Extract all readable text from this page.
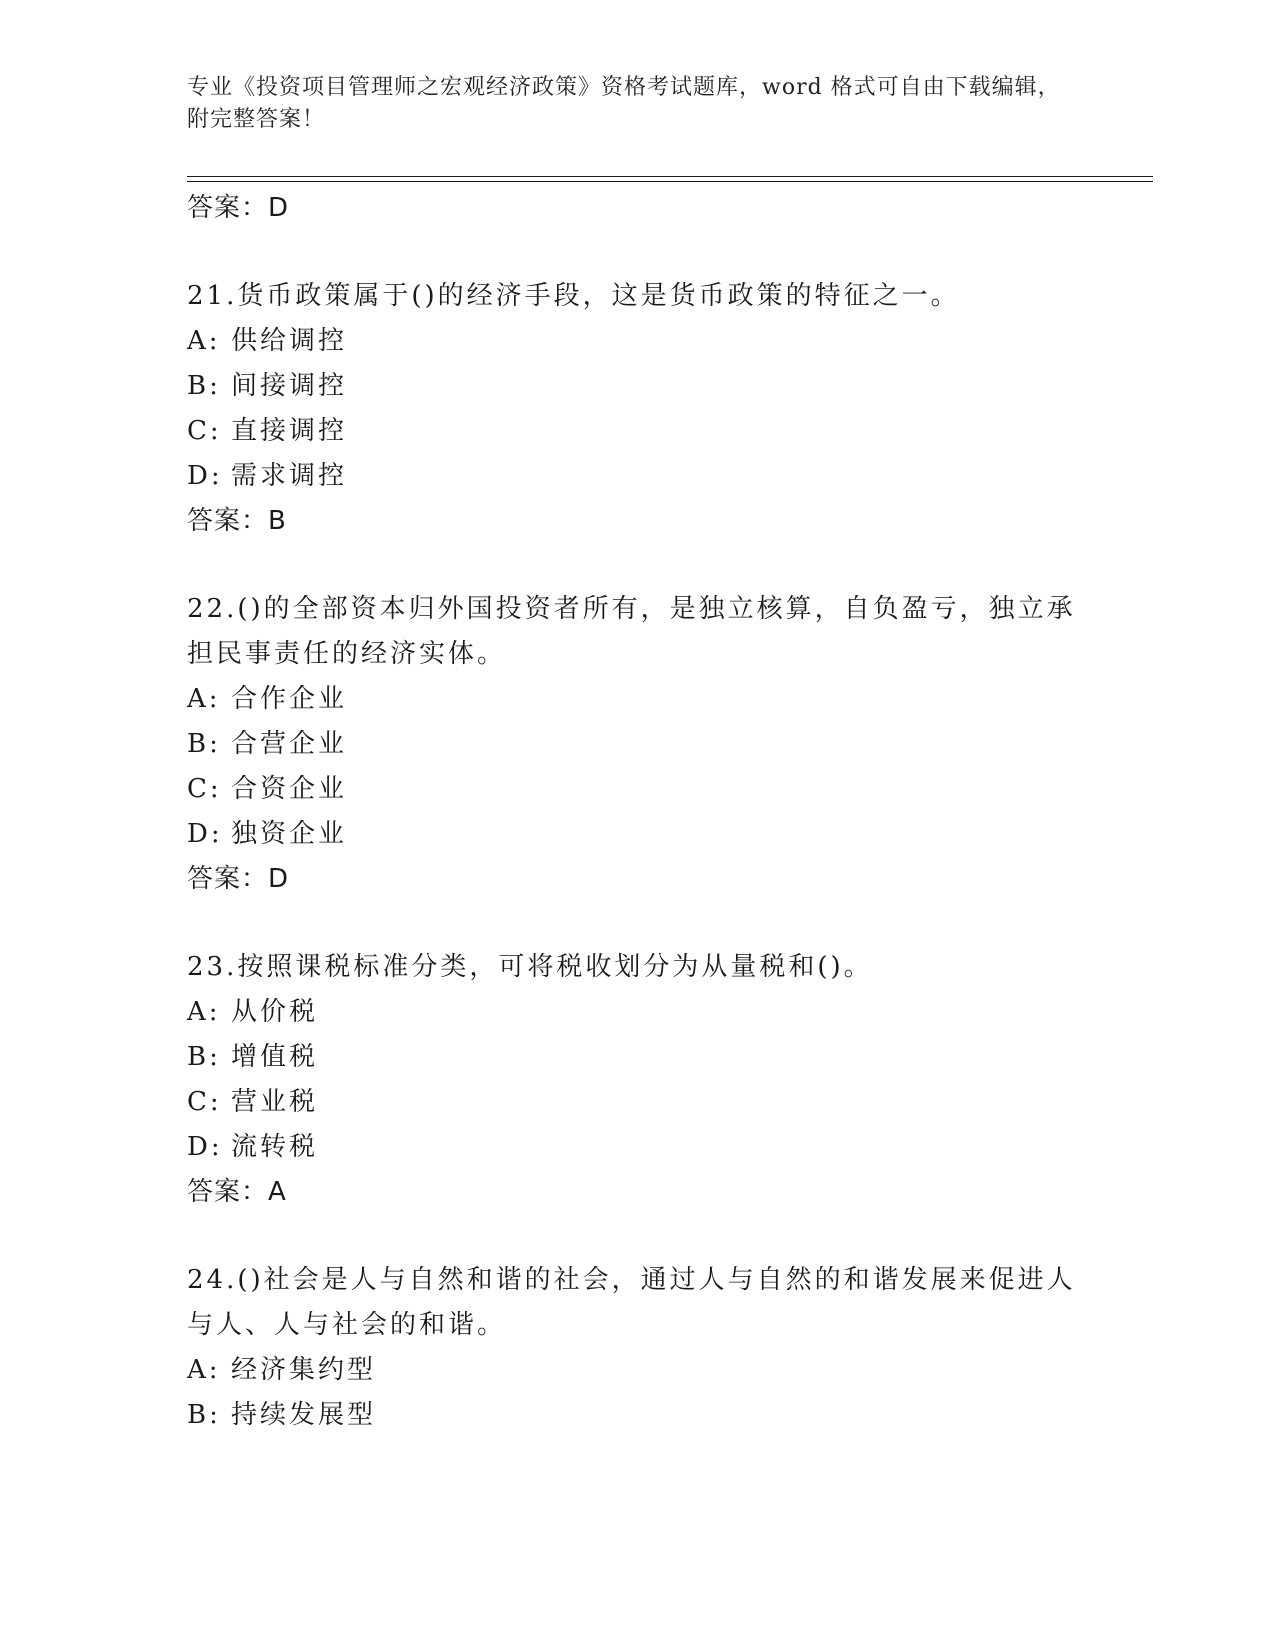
专业《投资项目管理师之宏观经济政策》资格考试题库，word 格式可自由下载编辑，附完整答案！
答案：D
21.货币政策属于()的经济手段，这是货币政策的特征之一。
A: 供给调控
B: 间接调控
C: 直接调控
D: 需求调控
答案：B
22.()的全部资本归外国投资者所有，是独立核算，自负盈亏，独立承担民事责任的经济实体。
A: 合作企业
B: 合营企业
C: 合资企业
D: 独资企业
答案：D
23.按照课税标准分类，可将税收划分为从量税和()。
A: 从价税
B: 增值税
C: 营业税
D: 流转税
答案：A
24.()社会是人与自然和谐的社会，通过人与自然的和谐发展来促进人与人、人与社会的和谐。
A: 经济集约型
B: 持续发展型
